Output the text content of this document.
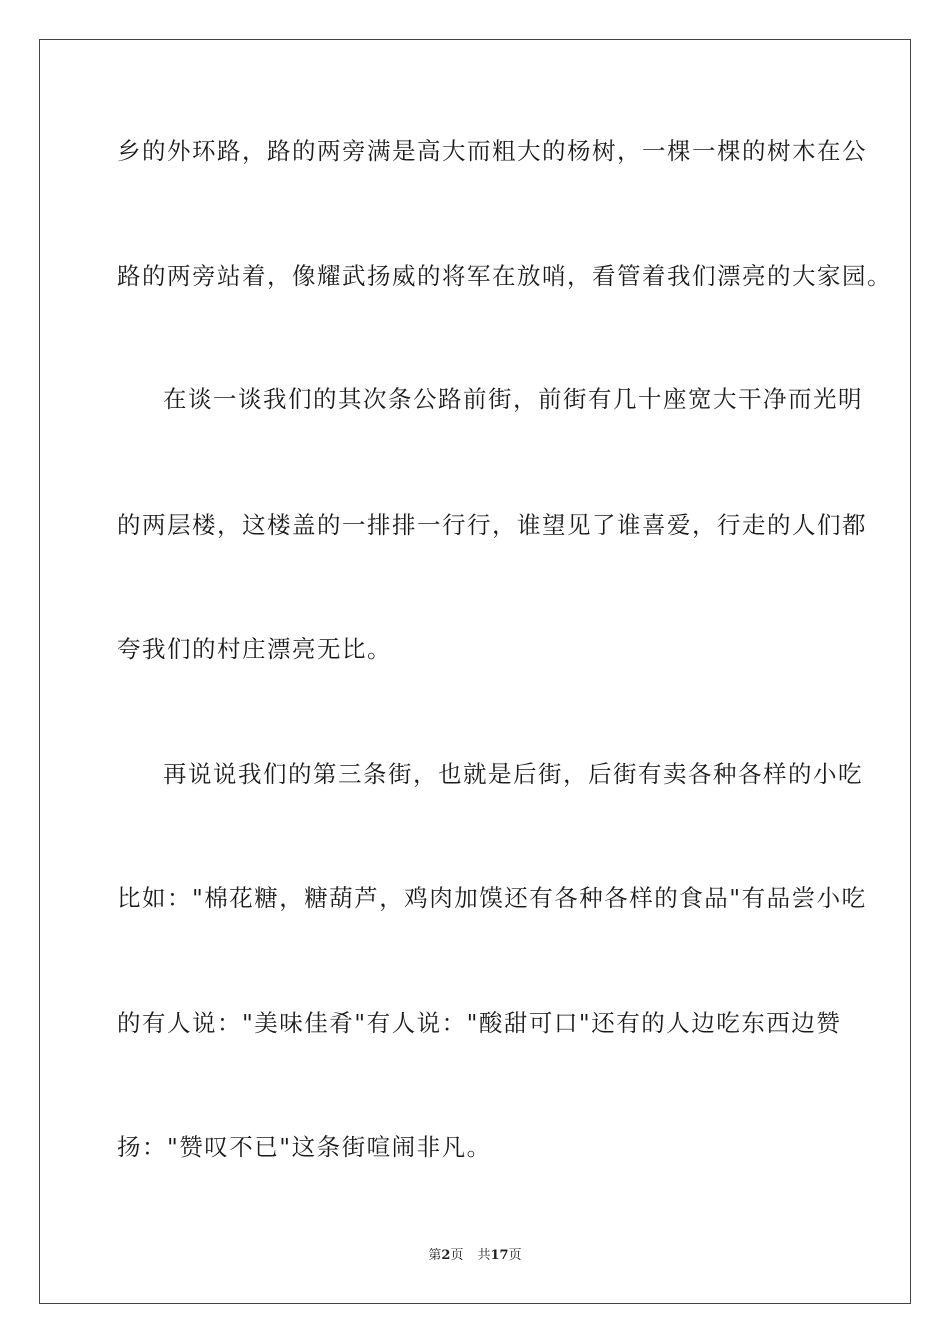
乡的外环路，路的两旁满是高大而粗大的杨树，一棵一棵的树木在公
路的两旁站着，像耀武扬威的将军在放哨，看管着我们漂亮的大家园。
在谈一谈我们的其次条公路前街，前街有几十座宽大干净而光明
的两层楼，这楼盖的一排排一行行，谁望见了谁喜爱，行走的人们都
夸我们的村庄漂亮无比。
再说说我们的第三条街，也就是后街，后街有卖各种各样的小吃
比如："棉花糖，糖葫芦，鸡肉加馍还有各种各样的食品"有品尝小吃
的有人说："美味佳肴"有人说："酸甜可口"还有的人边吃东西边赞
扬："赞叹不已"这条街喧闹非凡。
第2页 共17页
